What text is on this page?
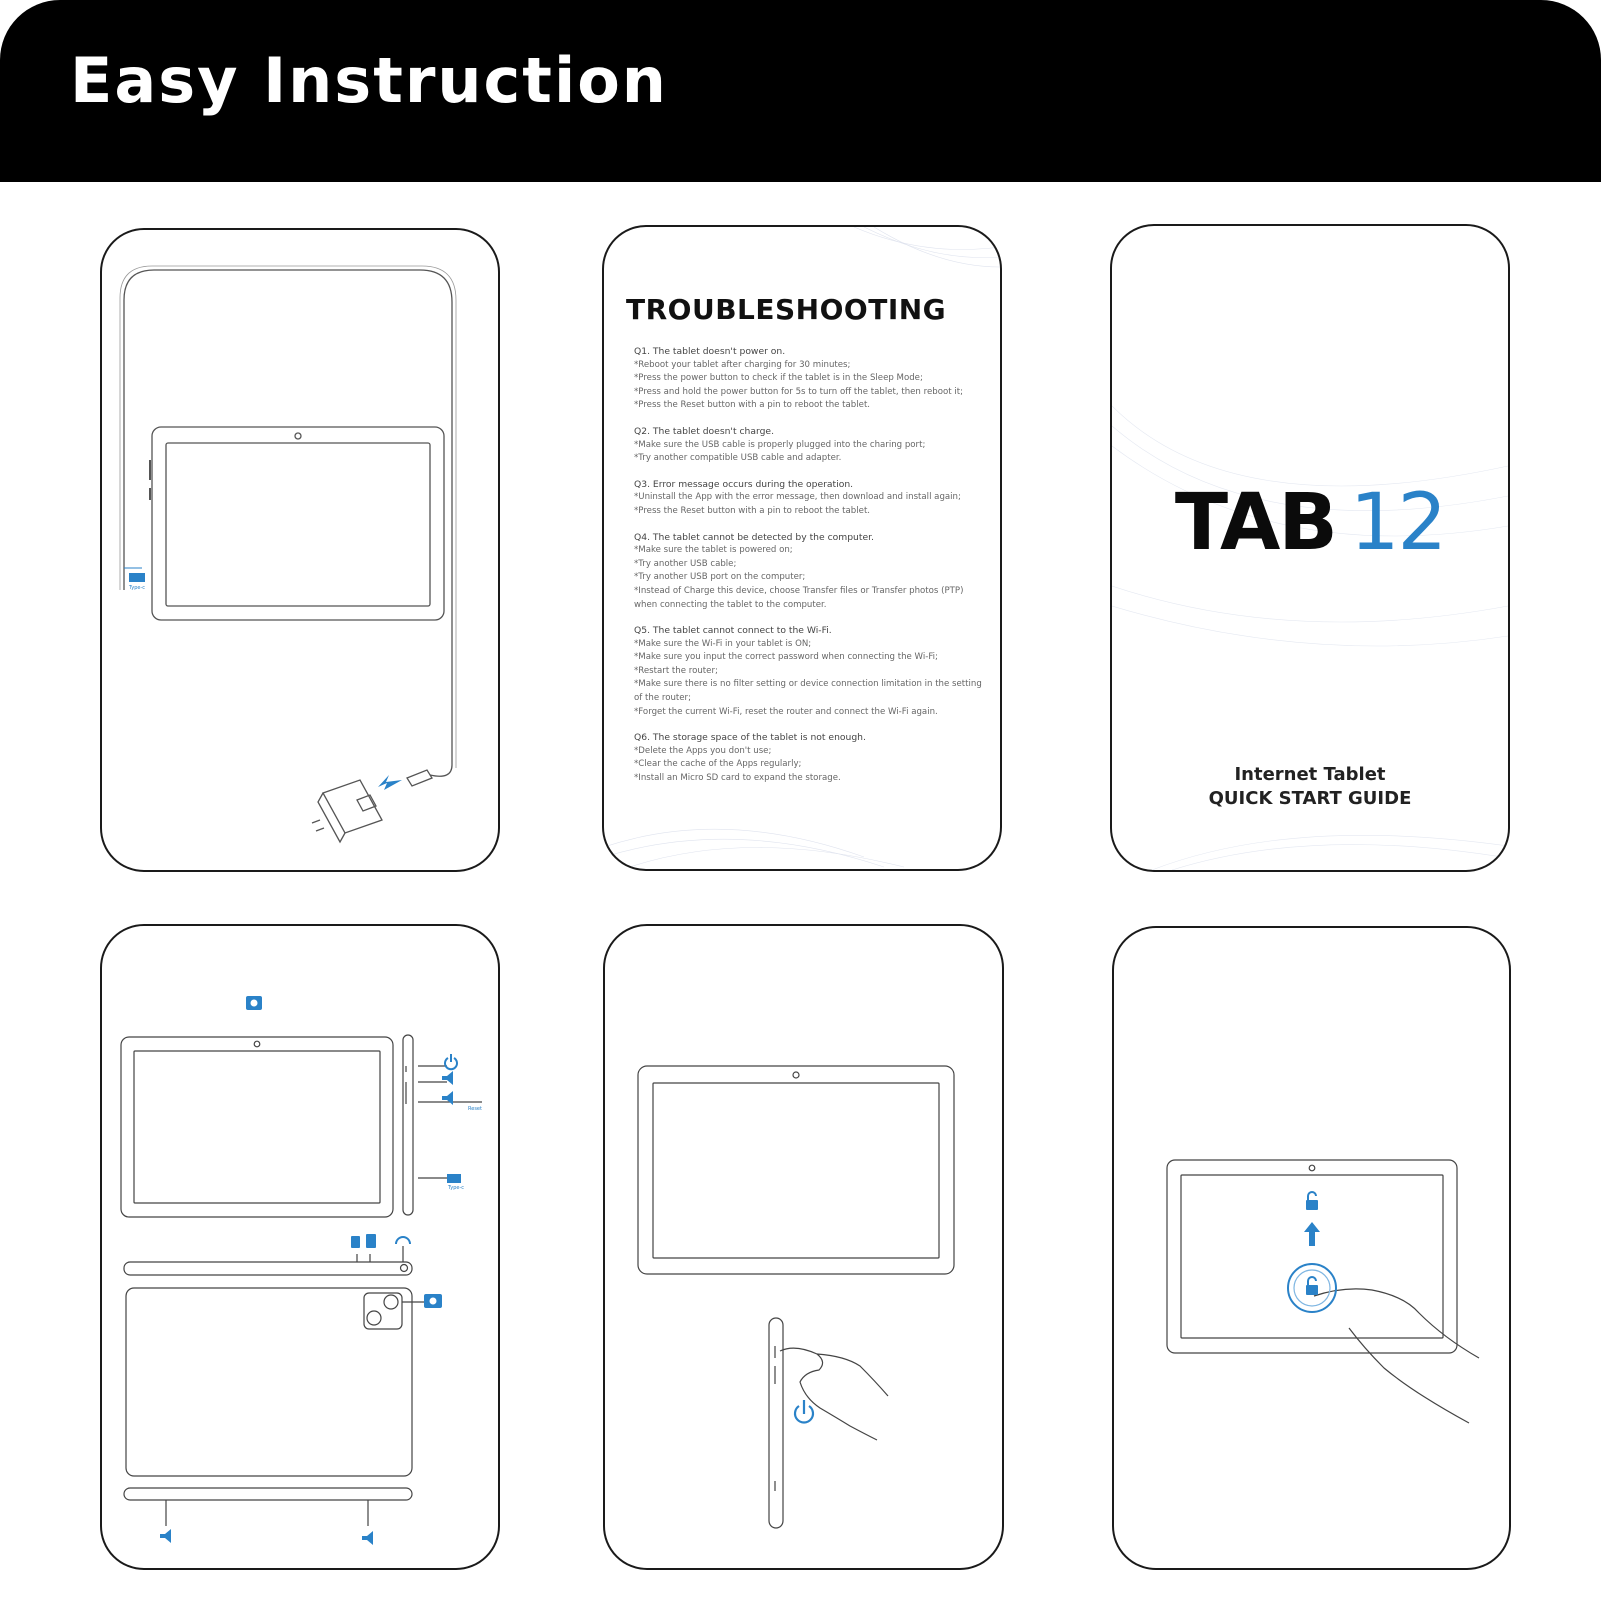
Easy Instruction
Type-c
TROUBLESHOOTING
Q1. The tablet doesn't power on.
*Reboot your tablet after charging for 30 minutes;
*Press the power button to check if the tablet is in the Sleep Mode;
*Press and hold the power button for 5s to turn off the tablet, then reboot it;
*Press the Reset button with a pin to reboot the tablet.
Q2. The tablet doesn't charge.
*Make sure the USB cable is properly plugged into the charing port;
*Try another compatible USB cable and adapter.
Q3. Error message occurs during the operation.
*Uninstall the App with the error message, then download and install again;
*Press the Reset button with a pin to reboot the tablet.
Q4. The tablet cannot be detected by the computer.
*Make sure the tablet is powered on;
*Try another USB cable;
*Try another USB port on the computer;
*Instead of Charge this device, choose Transfer files or Transfer photos (PTP)
when connecting the tablet to the computer.
Q5. The tablet cannot connect to the Wi-Fi.
*Make sure the Wi-Fi in your tablet is ON;
*Make sure you input the correct password when connecting the Wi-Fi;
*Restart the router;
*Make sure there is no filter setting or device connection limitation in the setting
of the router;
*Forget the current Wi-Fi, reset the router and connect the Wi-Fi again.
Q6. The storage space of the tablet is not enough.
*Delete the Apps you don't use;
*Clear the cache of the Apps regularly;
*Install an Micro SD card to expand the storage.
TAB 12
Internet Tablet
QUICK START GUIDE
Reset
Type-c
